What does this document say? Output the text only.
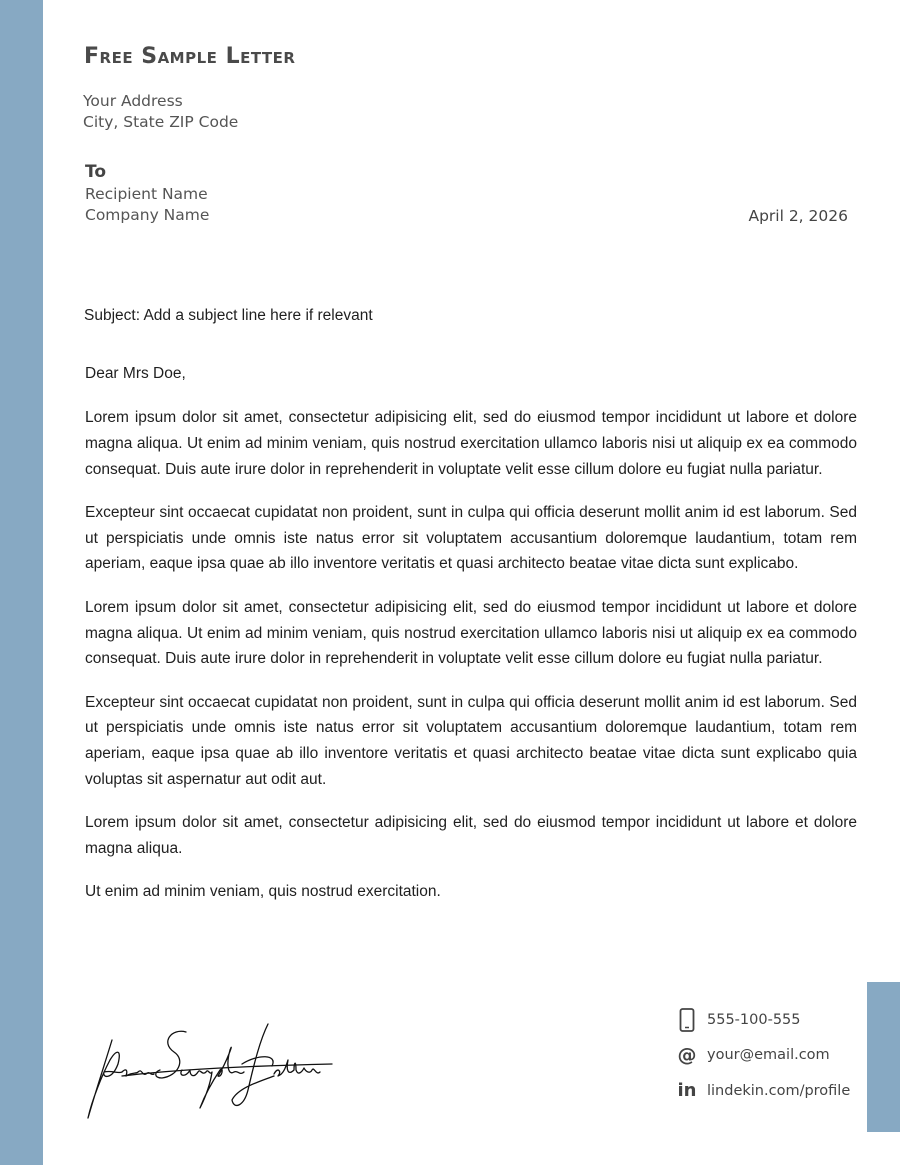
Free Sample Letter
Your Address
City, State ZIP Code
To
Recipient Name
Company Name	April 2, 2026
Subject: Add a subject line here if relevant
Dear Mrs Doe,

Lorem ipsum dolor sit amet, consectetur adipisicing elit, sed do eiusmod tempor incididunt ut labore et dolore magna aliqua. Ut enim ad minim veniam, quis nostrud exercitation ullamco laboris nisi ut aliquip ex ea commodo consequat. Duis aute irure dolor in reprehenderit in voluptate velit esse cillum dolore eu fugiat nulla pariatur.

Excepteur sint occaecat cupidatat non proident, sunt in culpa qui officia deserunt mollit anim id est laborum. Sed ut perspiciatis unde omnis iste natus error sit voluptatem accusantium doloremque laudantium, totam rem aperiam, eaque ipsa quae ab illo inventore veritatis et quasi architecto beatae vitae dicta sunt explicabo.

Lorem ipsum dolor sit amet, consectetur adipisicing elit, sed do eiusmod tempor incididunt ut labore et dolore magna aliqua. Ut enim ad minim veniam, quis nostrud exercitation ullamco laboris nisi ut aliquip ex ea commodo consequat. Duis aute irure dolor in reprehenderit in voluptate velit esse cillum dolore eu fugiat nulla pariatur.

Excepteur sint occaecat cupidatat non proident, sunt in culpa qui officia deserunt mollit anim id est laborum. Sed ut perspiciatis unde omnis iste natus error sit voluptatem accusantium doloremque laudantium, totam rem aperiam, eaque ipsa quae ab illo inventore veritatis et quasi architecto beatae vitae dicta sunt explicabo quia voluptas sit aspernatur aut odit aut.

Lorem ipsum dolor sit amet, consectetur adipisicing elit, sed do eiusmod tempor incididunt ut labore et dolore magna aliqua.

Ut enim ad minim veniam, quis nostrud exercitation.

555-100-555
@ your@email.com
in lindekin.com/profile
